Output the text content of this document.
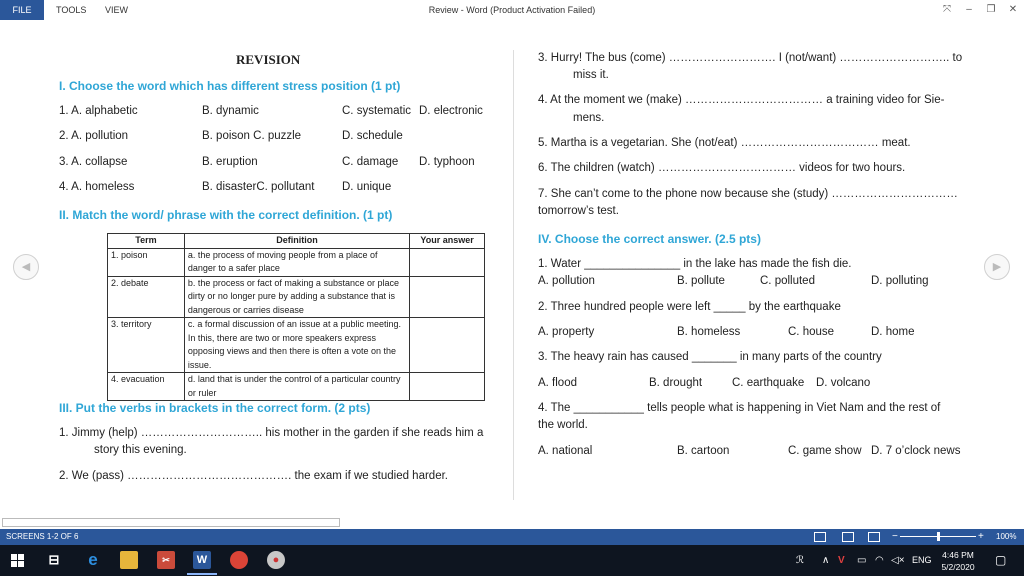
FILE	TOOLS VIEW	Review - Word (Product Activation Failed)	⤧	–	❐	✕
◀	▶
REVISION
I. Choose the word which has different stress position (1 pt)
1. A. alphabetic	B. dynamic	C. systematic D. electronic
2. A. pollution	B. poison C. puzzle	D. schedule
3. A. collapse	B. eruption	C. damage D. typhoon
4. A. homeless	B. disasterC. pollutant D. unique
II. Match the word/ phrase with the correct definition. (1 pt)
Term	Definition	Your answer
1. poison	a. the process of moving people from a place of danger to a safer place	
2. debate	b. the process or fact of making a substance or place dirty or no longer pure by adding a substance that is dangerous or carries disease	
3. territory	c. a formal discussion of an issue at a public meeting. In this, there are two or more speakers express opposing views and then there is often a vote on the issue.	
4. evacuation	d. land that is under the control of a particular country or ruler	
III. Put the verbs in brackets in the correct form. (2 pts)
1. Jimmy (help) ………………………….. his mother in the garden if she reads him a
story this evening.
2. We (pass) ……………………………………. the exam if we studied harder.
3. Hurry! The bus (come) ………………………. I (not/want) ……………………….. to
miss it.
4. At the moment we (make) ……………………………… a training video for Sie-
mens.
5. Martha is a vegetarian. She (not/eat) ……………………………… meat.
6. The children (watch) ……………………………… videos for two hours.
7. She can’t come to the phone now because she (study) ……………………………
tomorrow’s test.
IV. Choose the correct answer. (2.5 pts)
1. Water _______________ in the lake has made the fish die.
A. pollution	B. pollute	C. polluted	D. polluting
2. Three hundred people were left _____ by the earthquake
A. property	B. homeless	C. house	D. home
3. The heavy rain has caused _______ in many parts of the country
A. flood	B. drought	C. earthquake D. volcano
4. The ___________ tells people what is happening in Viet Nam and the rest of
the world.
A. national	B. cartoon	C. game show D. 7 o’clock news
SCREENS 1-2 OF 6	−	+ 100%
⊟ e	✂	W	●	ℛ ∧ V ▭ ◠ ◁× ENG	4:46 PM
5/2/2020	▢
